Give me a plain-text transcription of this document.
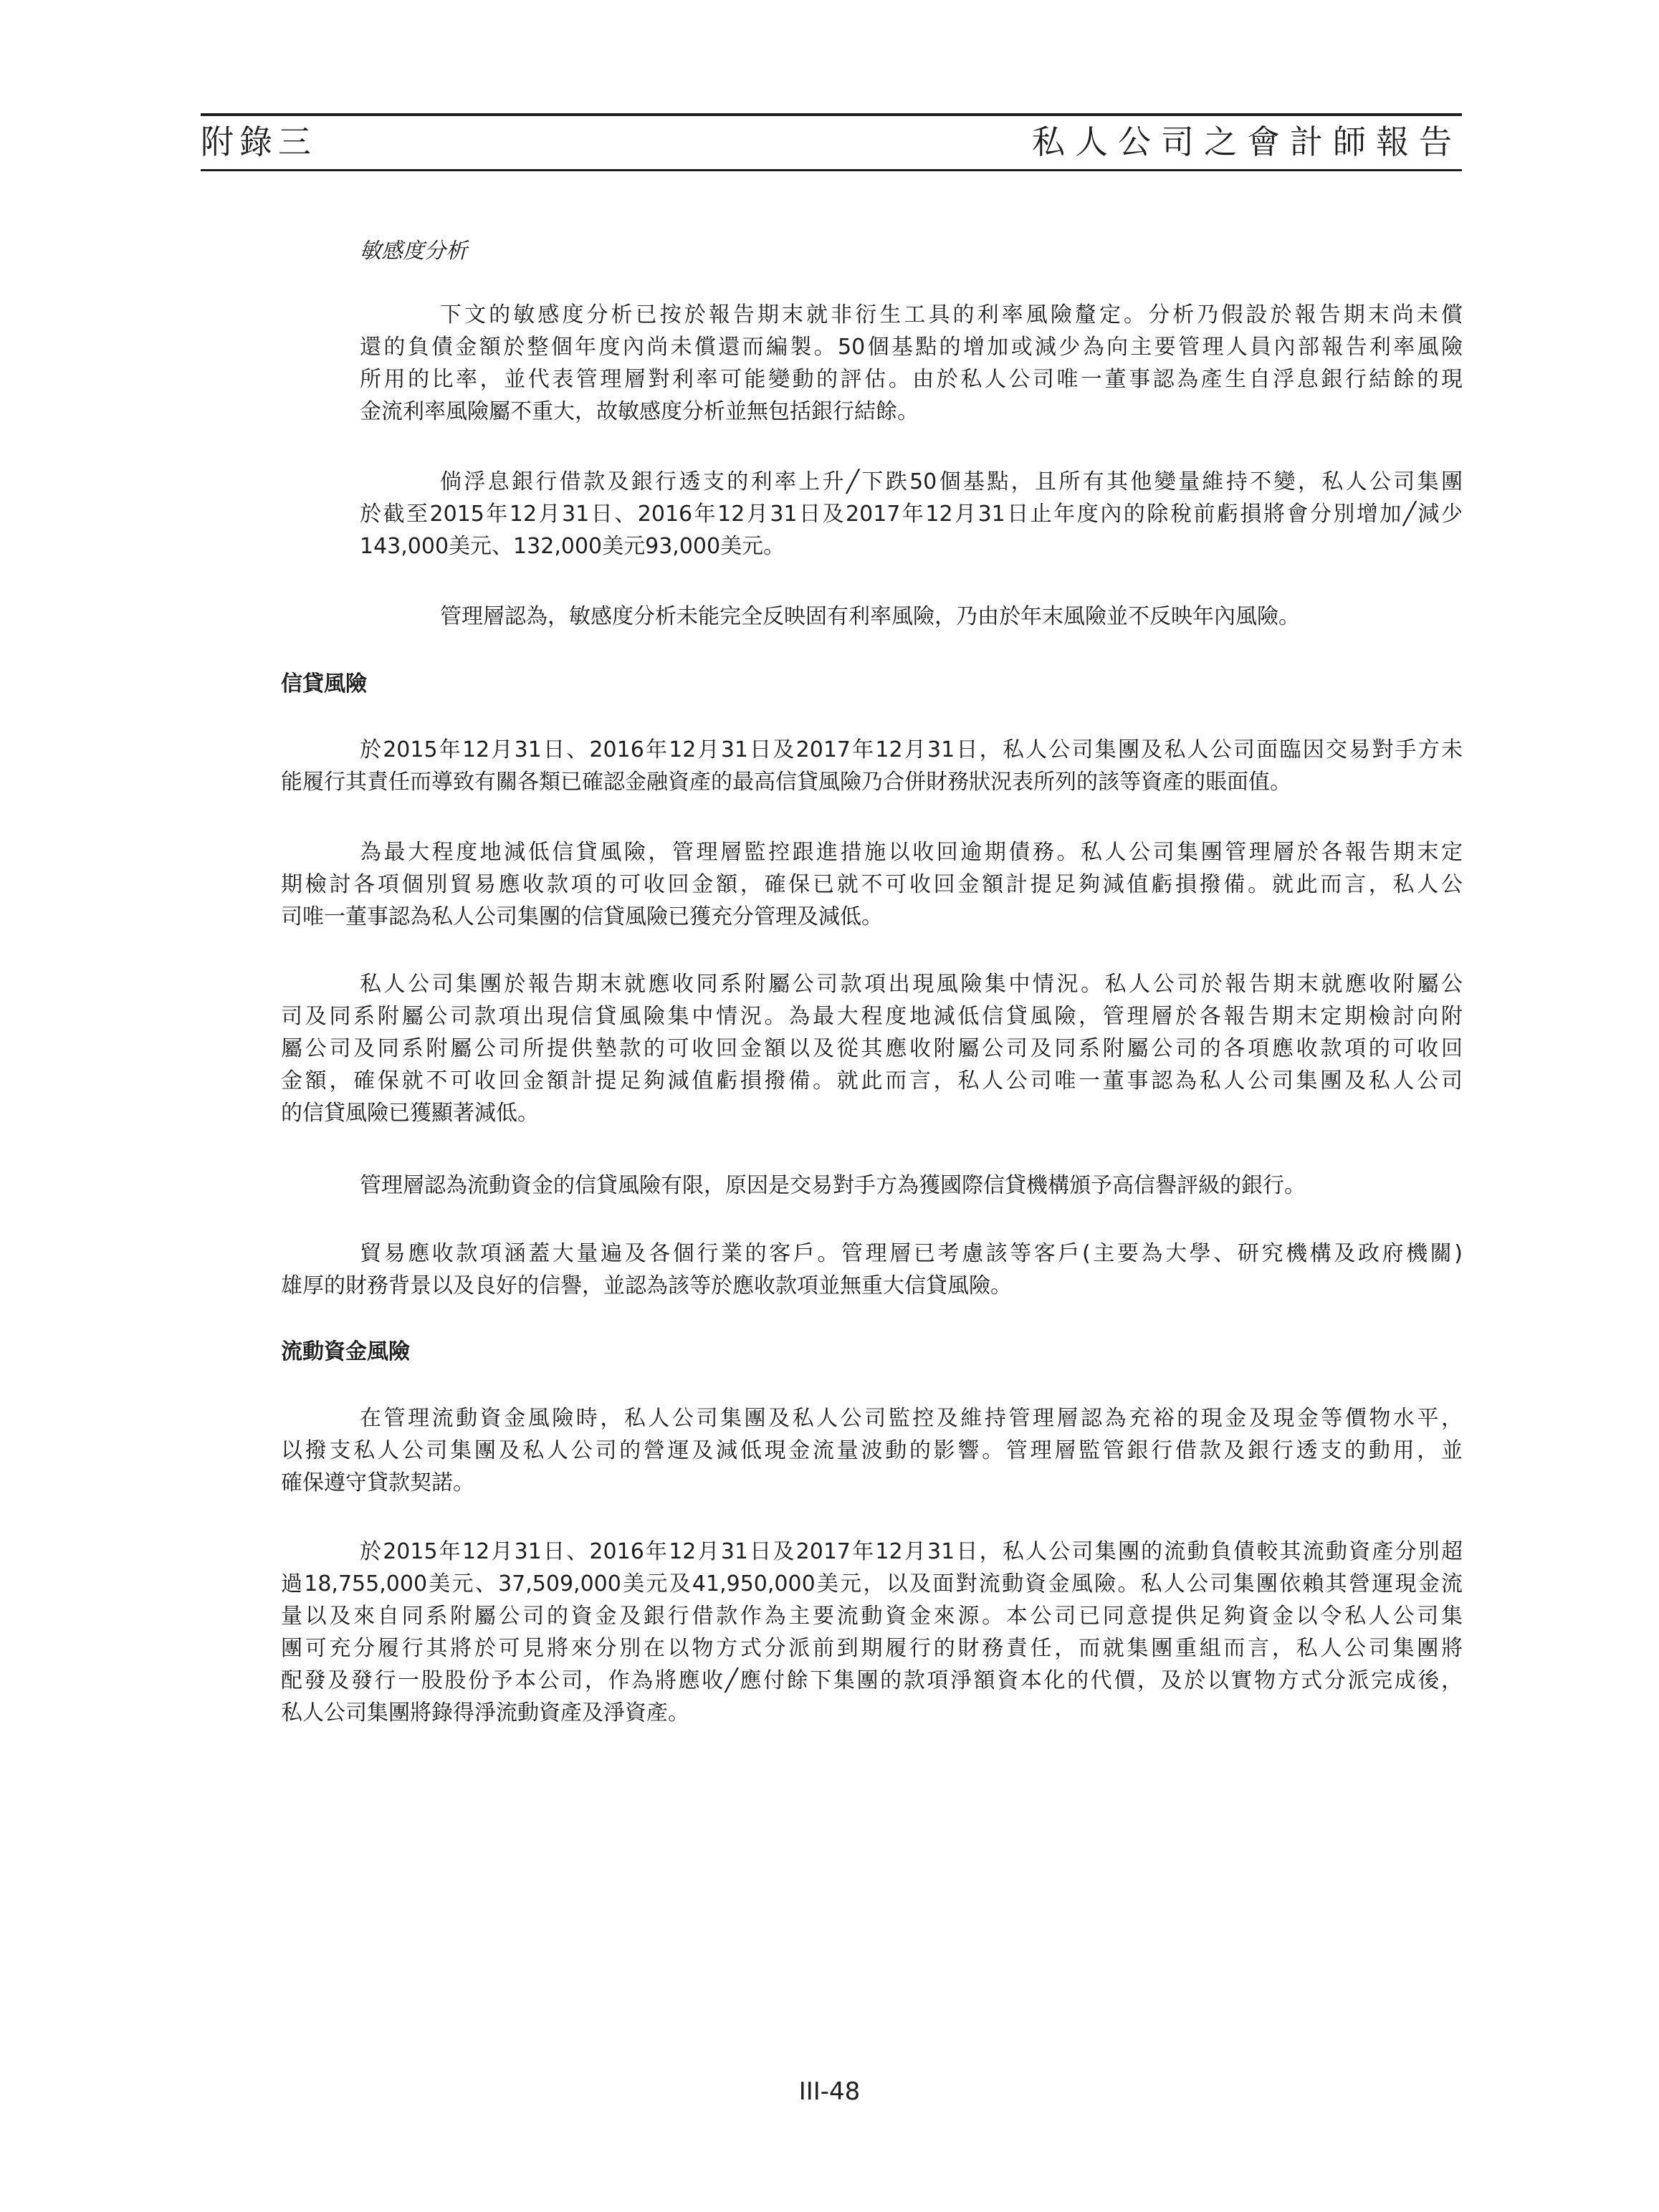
附錄三	私人公司之會計師報告
敏感度分析
下文的敏感度分析已按於報告期末就非衍生工具的利率風險釐定。分析乃假設於報告期末尚未償
還的負債金額於整個年度內尚未償還而編製。50個基點的增加或減少為向主要管理人員內部報告利率風險
所用的比率，並代表管理層對利率可能變動的評估。由於私人公司唯一董事認為產生自浮息銀行結餘的現
金流利率風險屬不重大，故敏感度分析並無包括銀行結餘。
倘浮息銀行借款及銀行透支的利率上升╱下跌50個基點，且所有其他變量維持不變，私人公司集團
於截至2015年12月31日、2016年12月31日及2017年12月31日止年度內的除稅前虧損將會分別增加╱減少
143,000美元、132,000美元93,000美元。
管理層認為，敏感度分析未能完全反映固有利率風險，乃由於年末風險並不反映年內風險。
信貸風險
於2015年12月31日、2016年12月31日及2017年12月31日，私人公司集團及私人公司面臨因交易對手方未
能履行其責任而導致有關各類已確認金融資產的最高信貸風險乃合併財務狀況表所列的該等資產的賬面值。
為最大程度地減低信貸風險，管理層監控跟進措施以收回逾期債務。私人公司集團管理層於各報告期末定
期檢討各項個別貿易應收款項的可收回金額，確保已就不可收回金額計提足夠減值虧損撥備。就此而言，私人公
司唯一董事認為私人公司集團的信貸風險已獲充分管理及減低。
私人公司集團於報告期末就應收同系附屬公司款項出現風險集中情況。私人公司於報告期末就應收附屬公
司及同系附屬公司款項出現信貸風險集中情況。為最大程度地減低信貸風險，管理層於各報告期末定期檢討向附
屬公司及同系附屬公司所提供墊款的可收回金額以及從其應收附屬公司及同系附屬公司的各項應收款項的可收回
金額，確保就不可收回金額計提足夠減值虧損撥備。就此而言，私人公司唯一董事認為私人公司集團及私人公司
的信貸風險已獲顯著減低。
管理層認為流動資金的信貸風險有限，原因是交易對手方為獲國際信貸機構頒予高信譽評級的銀行。
貿易應收款項涵蓋大量遍及各個行業的客戶。管理層已考慮該等客戶(主要為大學、研究機構及政府機關)
雄厚的財務背景以及良好的信譽，並認為該等於應收款項並無重大信貸風險。
流動資金風險
在管理流動資金風險時，私人公司集團及私人公司監控及維持管理層認為充裕的現金及現金等價物水平，
以撥支私人公司集團及私人公司的營運及減低現金流量波動的影響。管理層監管銀行借款及銀行透支的動用，並
確保遵守貸款契諾。
於2015年12月31日、2016年12月31日及2017年12月31日，私人公司集團的流動負債較其流動資產分別超
過18,755,000美元、37,509,000美元及41,950,000美元，以及面對流動資金風險。私人公司集團依賴其營運現金流
量以及來自同系附屬公司的資金及銀行借款作為主要流動資金來源。本公司已同意提供足夠資金以令私人公司集
團可充分履行其將於可見將來分別在以物方式分派前到期履行的財務責任，而就集團重組而言，私人公司集團將
配發及發行一股股份予本公司，作為將應收╱應付餘下集團的款項淨額資本化的代價，及於以實物方式分派完成後，
私人公司集團將錄得淨流動資產及淨資產。
III-48
